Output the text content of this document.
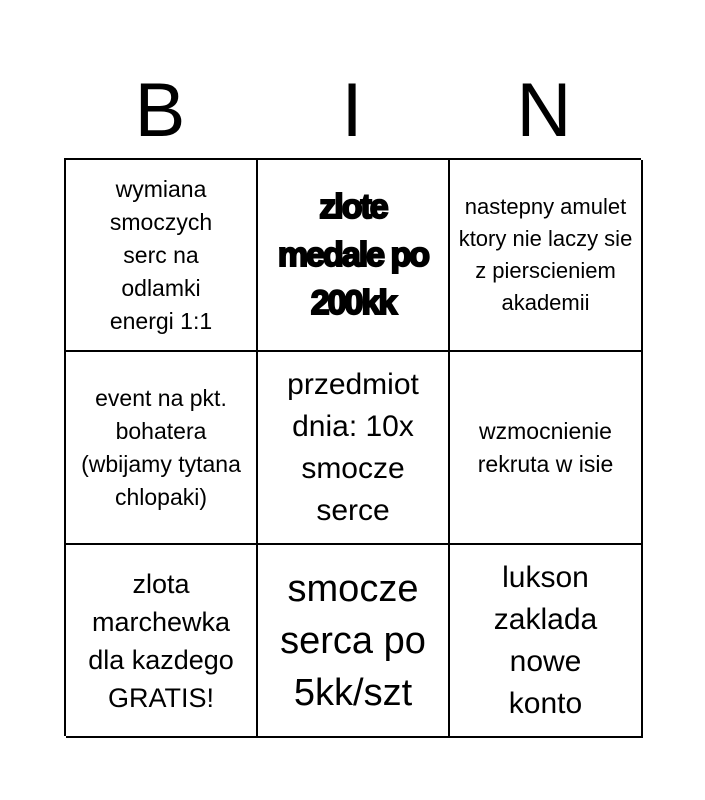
B	I	N
wymiana smoczych serc na odlamki energi 1:1
zlote medale po 200kk
nastepny amulet ktory nie laczy sie z pierscieniem akademii
event na pkt. bohatera (wbijamy tytana chlopaki)
przedmiot dnia: 10x smocze serce
wzmocnienie rekruta w isie
zlota marchewka dla kazdego GRATIS!
smocze serca po 5kk/szt
lukson zaklada nowe konto
